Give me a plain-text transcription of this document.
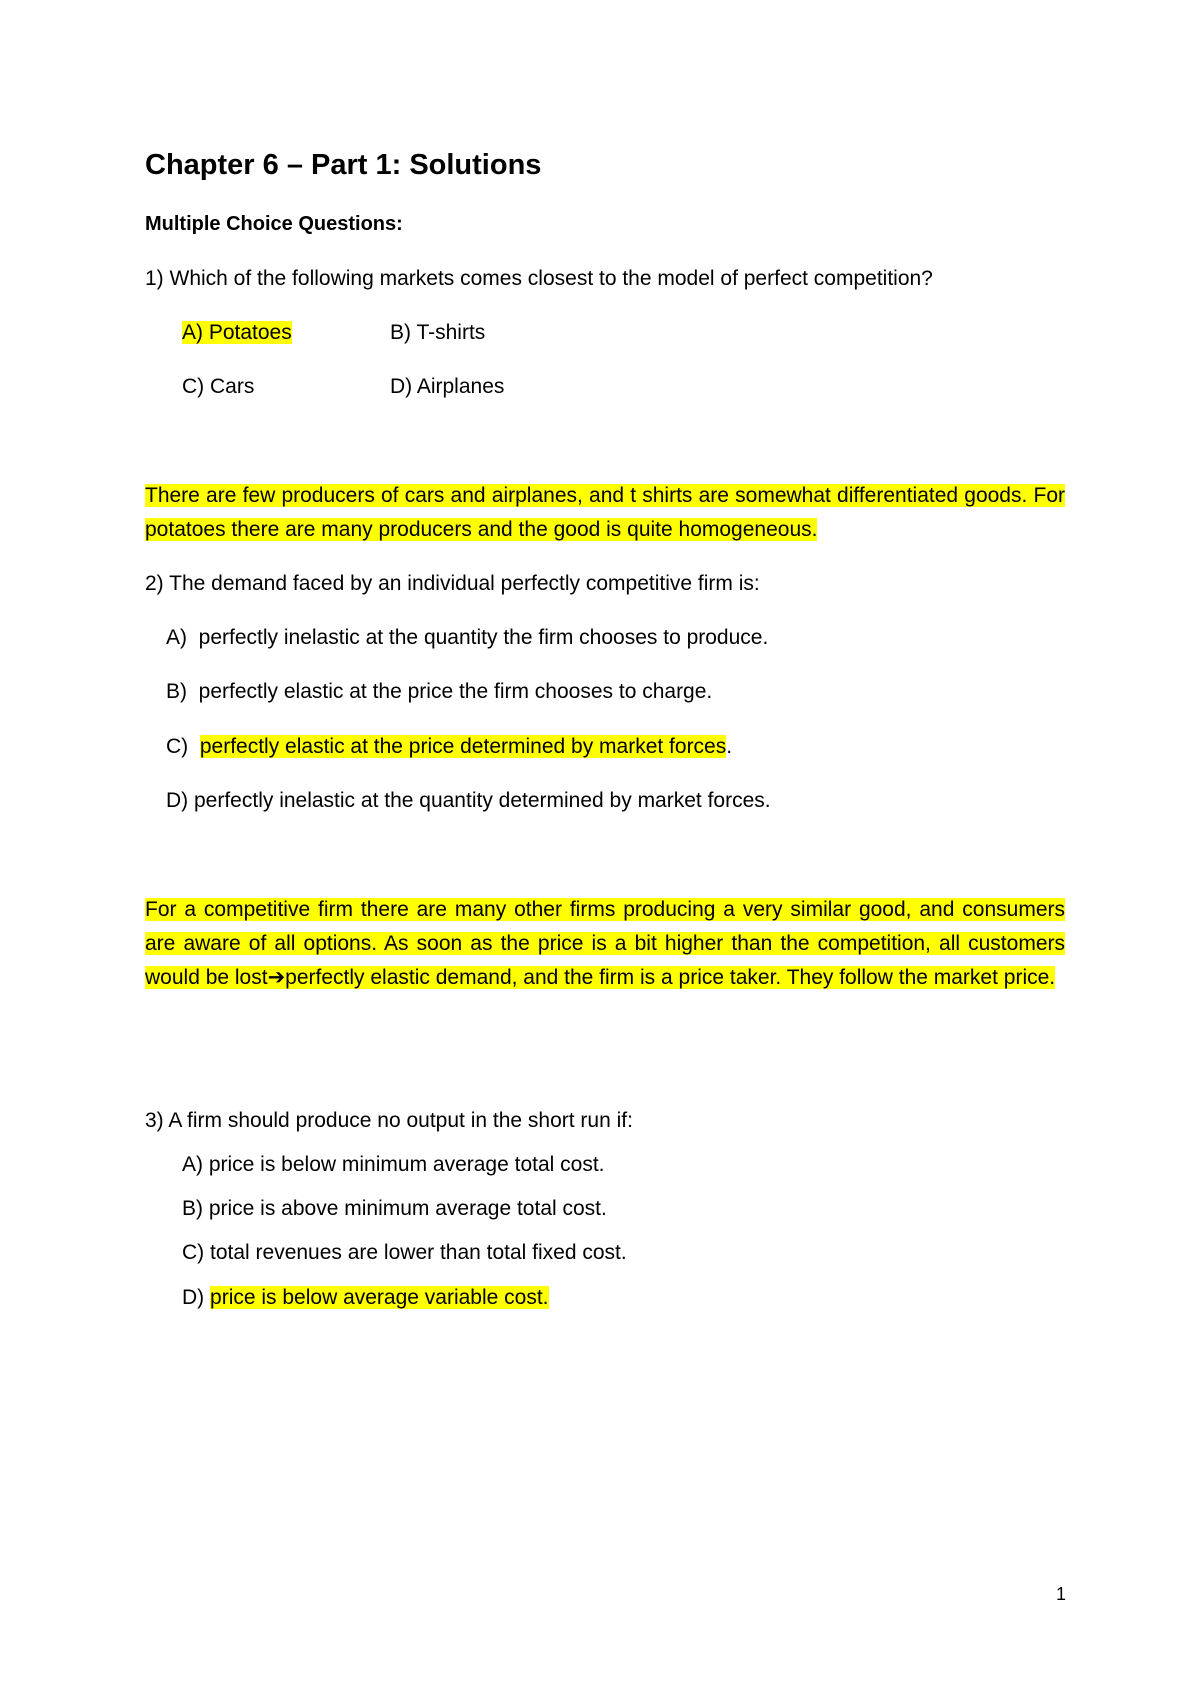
Chapter 6 – Part 1: Solutions
Multiple Choice Questions:
1) Which of the following markets comes closest to the model of perfect competition?
A) Potatoes	B) T-shirts
C) Cars	D) Airplanes
There are few producers of cars and airplanes, and t shirts are somewhat differentiated goods. For potatoes there are many producers and the good is quite homogeneous.
2) The demand faced by an individual perfectly competitive firm is:
A) perfectly inelastic at the quantity the firm chooses to produce.
B) perfectly elastic at the price the firm chooses to charge.
C) perfectly elastic at the price determined by market forces.
D) perfectly inelastic at the quantity determined by market forces.
For a competitive firm there are many other firms producing a very similar good, and consumers are aware of all options. As soon as the price is a bit higher than the competition, all customers would be lost➔perfectly elastic demand, and the firm is a price taker. They follow the market price.
3) A firm should produce no output in the short run if:
A) price is below minimum average total cost.
B) price is above minimum average total cost.
C) total revenues are lower than total fixed cost.
D) price is below average variable cost.
1
